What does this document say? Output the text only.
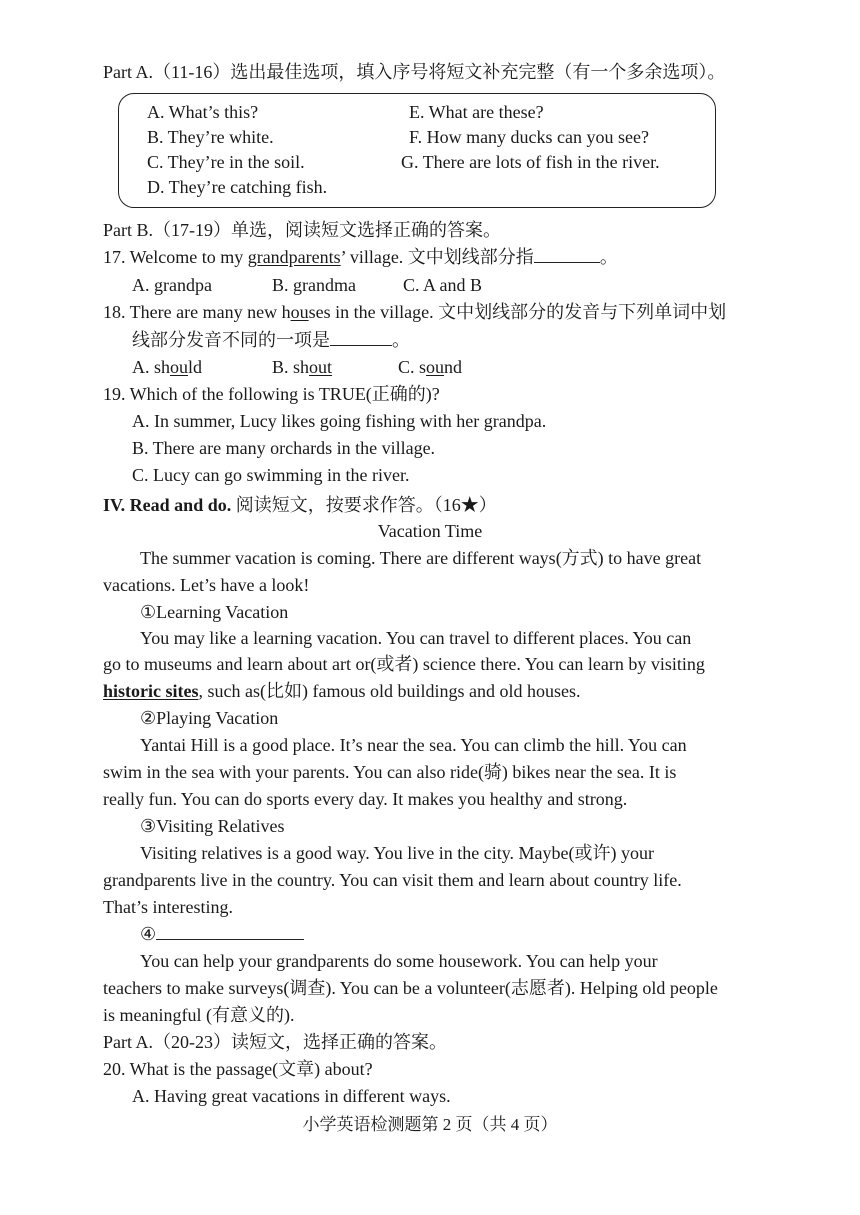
Part A.（11-16）选出最佳选项，填入序号将短文补充完整（有一个多余选项）。
A. What’s this?
B. They’re white.
C. They’re in the soil.
D. They’re catching fish.
E. What are these?
F. How many ducks can you see?
G. There are lots of fish in the river.
Part B.（17-19）单选，阅读短文选择正确的答案。
17. Welcome to my grandparents’ village. 文中划线部分指	。
A. grandpa	B. grandma	C. A and B
18. There are many new houses in the village. 文中划线部分的发音与下列单词中划
线部分发音不同的一项是	。
A. should	B. shout	C. sound
19. Which of the following is TRUE(正确的)?
A. In summer, Lucy likes going fishing with her grandpa.
B. There are many orchards in the village.
C. Lucy can go swimming in the river.
IV. Read and do. 阅读短文，按要求作答。（16★）
Vacation Time
The summer vacation is coming. There are different ways(方式) to have great
vacations. Let’s have a look!
①Learning Vacation
You may like a learning vacation. You can travel to different places. You can
go to museums and learn about art or(或者) science there. You can learn by visiting
historic sites, such as(比如) famous old buildings and old houses.
②Playing Vacation
Yantai Hill is a good place. It’s near the sea. You can climb the hill. You can
swim in the sea with your parents. You can also ride(骑) bikes near the sea. It is
really fun. You can do sports every day. It makes you healthy and strong.
③Visiting Relatives
Visiting relatives is a good way. You live in the city. Maybe(或许) your
grandparents live in the country. You can visit them and learn about country life.
That’s interesting.
④
You can help your grandparents do some housework. You can help your
teachers to make surveys(调查). You can be a volunteer(志愿者). Helping old people
is meaningful (有意义的).
Part A.（20-23）读短文，选择正确的答案。
20. What is the passage(文章) about?
A. Having great vacations in different ways.
小学英语检测题第 2 页（共 4 页）
